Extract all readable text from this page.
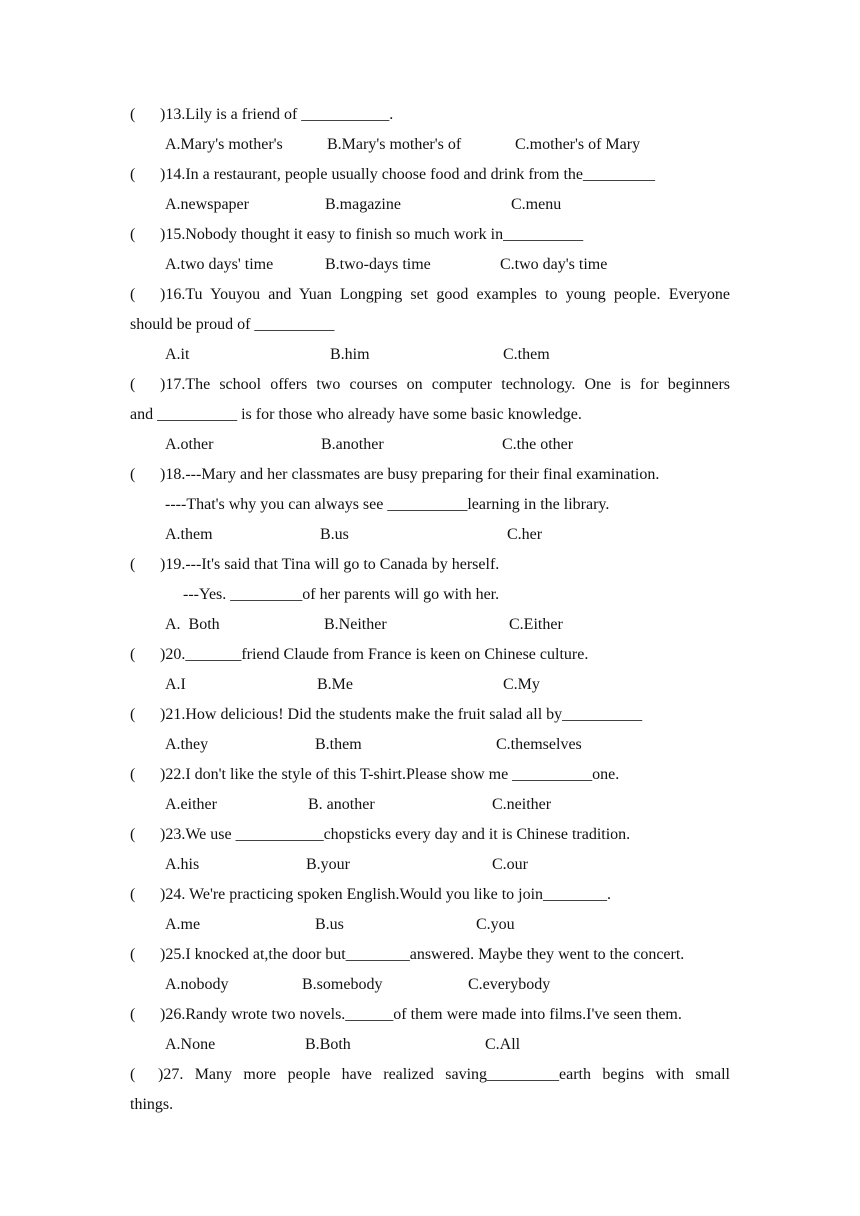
( )13.Lily is a friend of ___________.
A.Mary's mother's	B.Mary's mother's of	C.mother's of Mary
( )14.In a restaurant, people usually choose food and drink from the_________
A.newspaper	B.magazine	C.menu
( )15.Nobody thought it easy to finish so much work in__________
A.two days' time	B.two-days time	C.two day's time
(	)16.Tu Youyou and Yuan Longping set good examples to young people. Everyone
should be proud of __________
A.it	B.him	C.them
(	)17.The school offers two courses on computer technology. One is for beginners
and __________ is for those who already have some basic knowledge.
A.other	B.another	C.the other
( )18.---Mary and her classmates are busy preparing for their final examination.
----That's why you can always see __________learning in the library.
A.them	B.us	C.her
( )19.---It's said that Tina will go to Canada by herself.
---Yes. _________of her parents will go with her.
A.  Both	B.Neither	C.Either
( )20._______friend Claude from France is keen on Chinese culture.
A.I	B.Me	C.My
( )21.How delicious! Did the students make the fruit salad all by__________
A.they	B.them	C.themselves
( )22.I don't like the style of this T-shirt.Please show me __________one.
A.either	B. another	C.neither
( )23.We use ___________chopsticks every day and it is Chinese tradition.
A.his	B.your	C.our
( )24. We're practicing spoken English.Would you like to join________.
A.me	B.us	C.you
( )25.I knocked at,the door but________answered. Maybe they went to the concert.
A.nobody	B.somebody	C.everybody
( )26.Randy wrote two novels.______of them were made into films.I've seen them.
A.None	B.Both	C.All
(	)27. Many more people have realized saving_________earth begins with small
things.
